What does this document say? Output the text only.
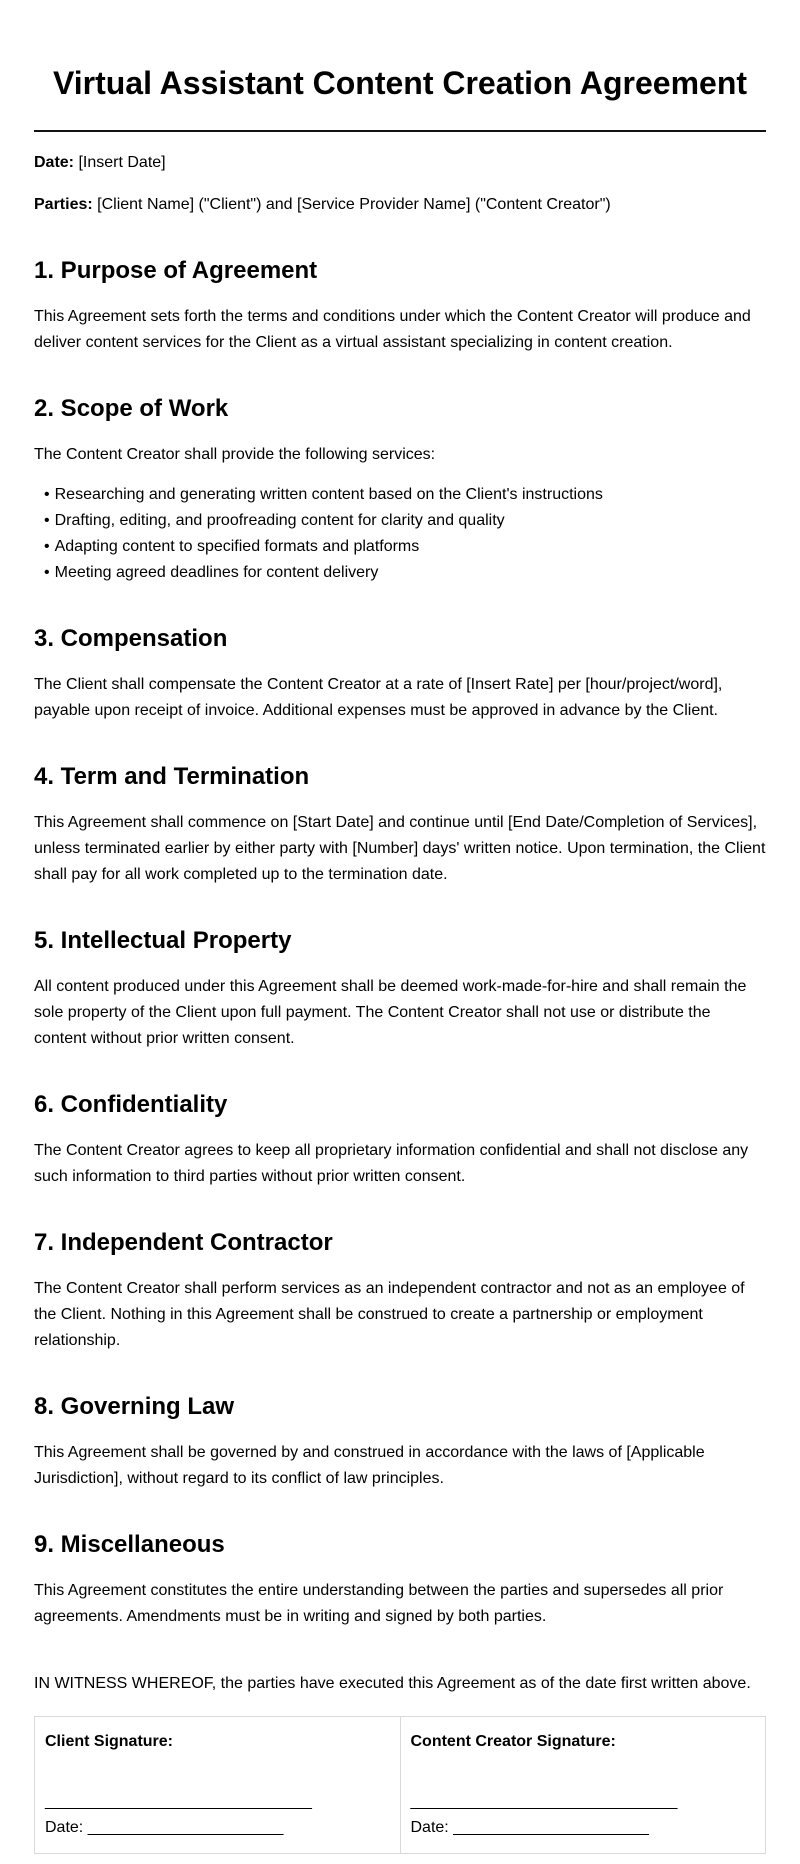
Virtual Assistant Content Creation Agreement

Date: [Insert Date]

Parties: [Client Name] ("Client") and [Service Provider Name] ("Content Creator")

1. Purpose of Agreement

This Agreement sets forth the terms and conditions under which the Content Creator will produce and deliver content services for the Client as a virtual assistant specializing in content creation.

2. Scope of Work

The Content Creator shall provide the following services:

• Researching and generating written content based on the Client's instructions
• Drafting, editing, and proofreading content for clarity and quality
• Adapting content to specified formats and platforms
• Meeting agreed deadlines for content delivery
3. Compensation

The Client shall compensate the Content Creator at a rate of [Insert Rate] per [hour/project/word], payable upon receipt of invoice. Additional expenses must be approved in advance by the Client.

4. Term and Termination

This Agreement shall commence on [Start Date] and continue until [End Date/Completion of Services], unless terminated earlier by either party with [Number] days' written notice. Upon termination, the Client shall pay for all work completed up to the termination date.

5. Intellectual Property

All content produced under this Agreement shall be deemed work-made-for-hire and shall remain the sole property of the Client upon full payment. The Content Creator shall not use or distribute the content without prior written consent.

6. Confidentiality

The Content Creator agrees to keep all proprietary information confidential and shall not disclose any such information to third parties without prior written consent.

7. Independent Contractor

The Content Creator shall perform services as an independent contractor and not as an employee of the Client. Nothing in this Agreement shall be construed to create a partnership or employment relationship.

8. Governing Law

This Agreement shall be governed by and construed in accordance with the laws of [Applicable Jurisdiction], without regard to its conflict of law principles.

9. Miscellaneous

This Agreement constitutes the entire understanding between the parties and supersedes all prior agreements. Amendments must be in writing and signed by both parties.

IN WITNESS WHEREOF, the parties have executed this Agreement as of the date first written above.

Client Signature:

______________________________

Date: ______________________

Content Creator Signature:

______________________________

Date: ______________________
